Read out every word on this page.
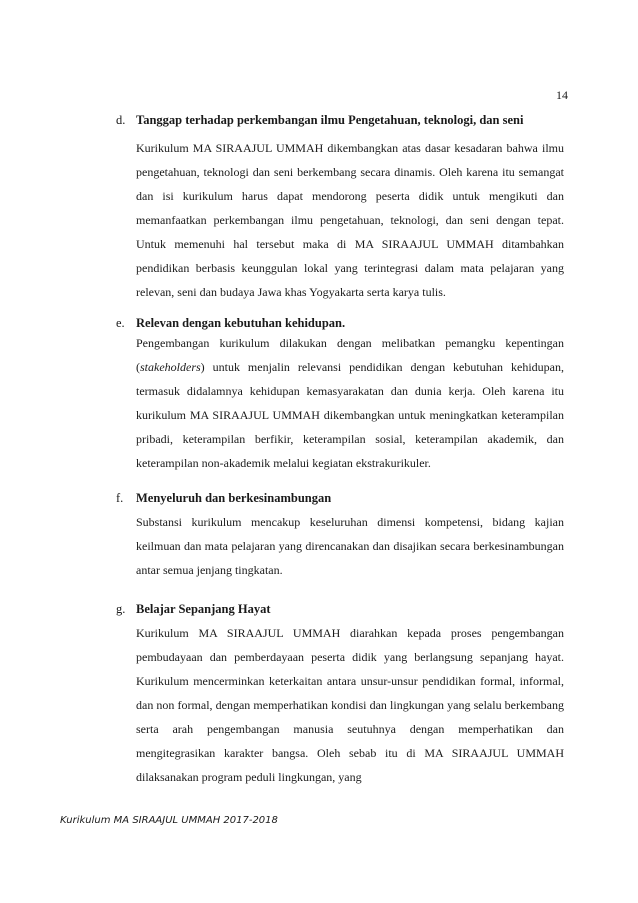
14
d. Tanggap terhadap perkembangan ilmu Pengetahuan, teknologi, dan seni
Kurikulum MA SIRAAJUL UMMAH dikembangkan atas dasar kesadaran bahwa ilmu pengetahuan, teknologi dan seni berkembang secara dinamis. Oleh karena itu semangat dan isi kurikulum harus dapat mendorong peserta didik untuk mengikuti dan memanfaatkan perkembangan ilmu pengetahuan, teknologi, dan seni dengan tepat. Untuk memenuhi hal tersebut maka di MA SIRAAJUL UMMAH ditambahkan pendidikan berbasis keunggulan lokal yang terintegrasi dalam mata pelajaran yang relevan, seni dan budaya Jawa khas Yogyakarta serta karya tulis.
e. Relevan dengan kebutuhan kehidupan.
Pengembangan kurikulum dilakukan dengan melibatkan pemangku kepentingan (stakeholders) untuk menjalin relevansi pendidikan dengan kebutuhan kehidupan, termasuk didalamnya kehidupan kemasyarakatan dan dunia kerja. Oleh karena itu kurikulum MA SIRAAJUL UMMAH dikembangkan untuk meningkatkan keterampilan pribadi, keterampilan berfikir, keterampilan sosial, keterampilan akademik, dan keterampilan non-akademik melalui kegiatan ekstrakurikuler.
f.	Menyeluruh dan berkesinambungan
Substansi kurikulum mencakup keseluruhan dimensi kompetensi, bidang kajian keilmuan dan mata pelajaran yang direncanakan dan disajikan secara berkesinambungan antar semua jenjang tingkatan.
g. Belajar Sepanjang Hayat
Kurikulum MA SIRAAJUL UMMAH diarahkan kepada proses pengembangan pembudayaan dan pemberdayaan peserta didik yang berlangsung sepanjang hayat. Kurikulum mencerminkan keterkaitan antara unsur-unsur pendidikan formal, informal, dan non formal, dengan memperhatikan kondisi dan lingkungan yang selalu berkembang serta arah pengembangan manusia seutuhnya dengan memperhatikan dan mengitegrasikan karakter bangsa. Oleh sebab itu di MA SIRAAJUL UMMAH dilaksanakan program peduli lingkungan, yang
Kurikulum MA SIRAAJUL UMMAH 2017-2018
